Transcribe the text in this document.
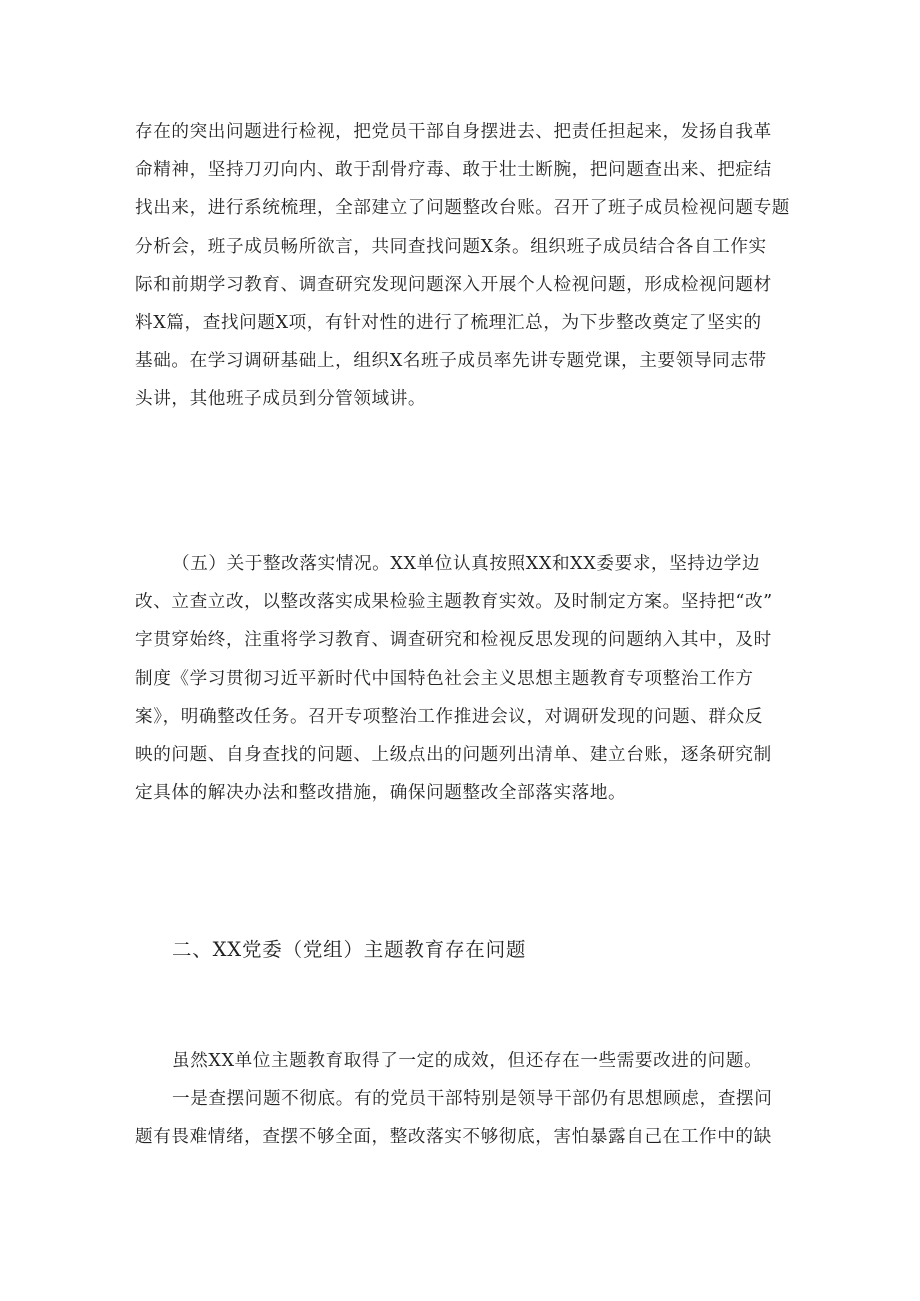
存在的突出问题进行检视，把党员干部自身摆进去、把责任担起来，发扬自我革
命精神，坚持刀刃向内、敢于刮骨疗毒、敢于壮士断腕，把问题查出来、把症结
找出来，进行系统梳理，全部建立了问题整改台账。召开了班子成员检视问题专题
分析会，班子成员畅所欲言，共同查找问题X条。组织班子成员结合各自工作实
际和前期学习教育、调查研究发现问题深入开展个人检视问题，形成检视问题材
料X篇，查找问题X项，有针对性的进行了梳理汇总，为下步整改奠定了坚实的
基础。在学习调研基础上，组织X名班子成员率先讲专题党课，主要领导同志带
头讲，其他班子成员到分管领域讲。
（五）关于整改落实情况。XX单位认真按照XX和XX委要求，坚持边学边
改、立查立改，以整改落实成果检验主题教育实效。及时制定方案。坚持把“改”
字贯穿始终，注重将学习教育、调查研究和检视反思发现的问题纳入其中，及时
制度《学习贯彻习近平新时代中国特色社会主义思想主题教育专项整治工作方
案》，明确整改任务。召开专项整治工作推进会议，对调研发现的问题、群众反
映的问题、自身查找的问题、上级点出的问题列出清单、建立台账，逐条研究制
定具体的解决办法和整改措施，确保问题整改全部落实落地。
二、XX党委（党组）主题教育存在问题
虽然XX单位主题教育取得了一定的成效，但还存在一些需要改进的问题。
一是查摆问题不彻底。有的党员干部特别是领导干部仍有思想顾虑，查摆问
题有畏难情绪，查摆不够全面，整改落实不够彻底，害怕暴露自己在工作中的缺
